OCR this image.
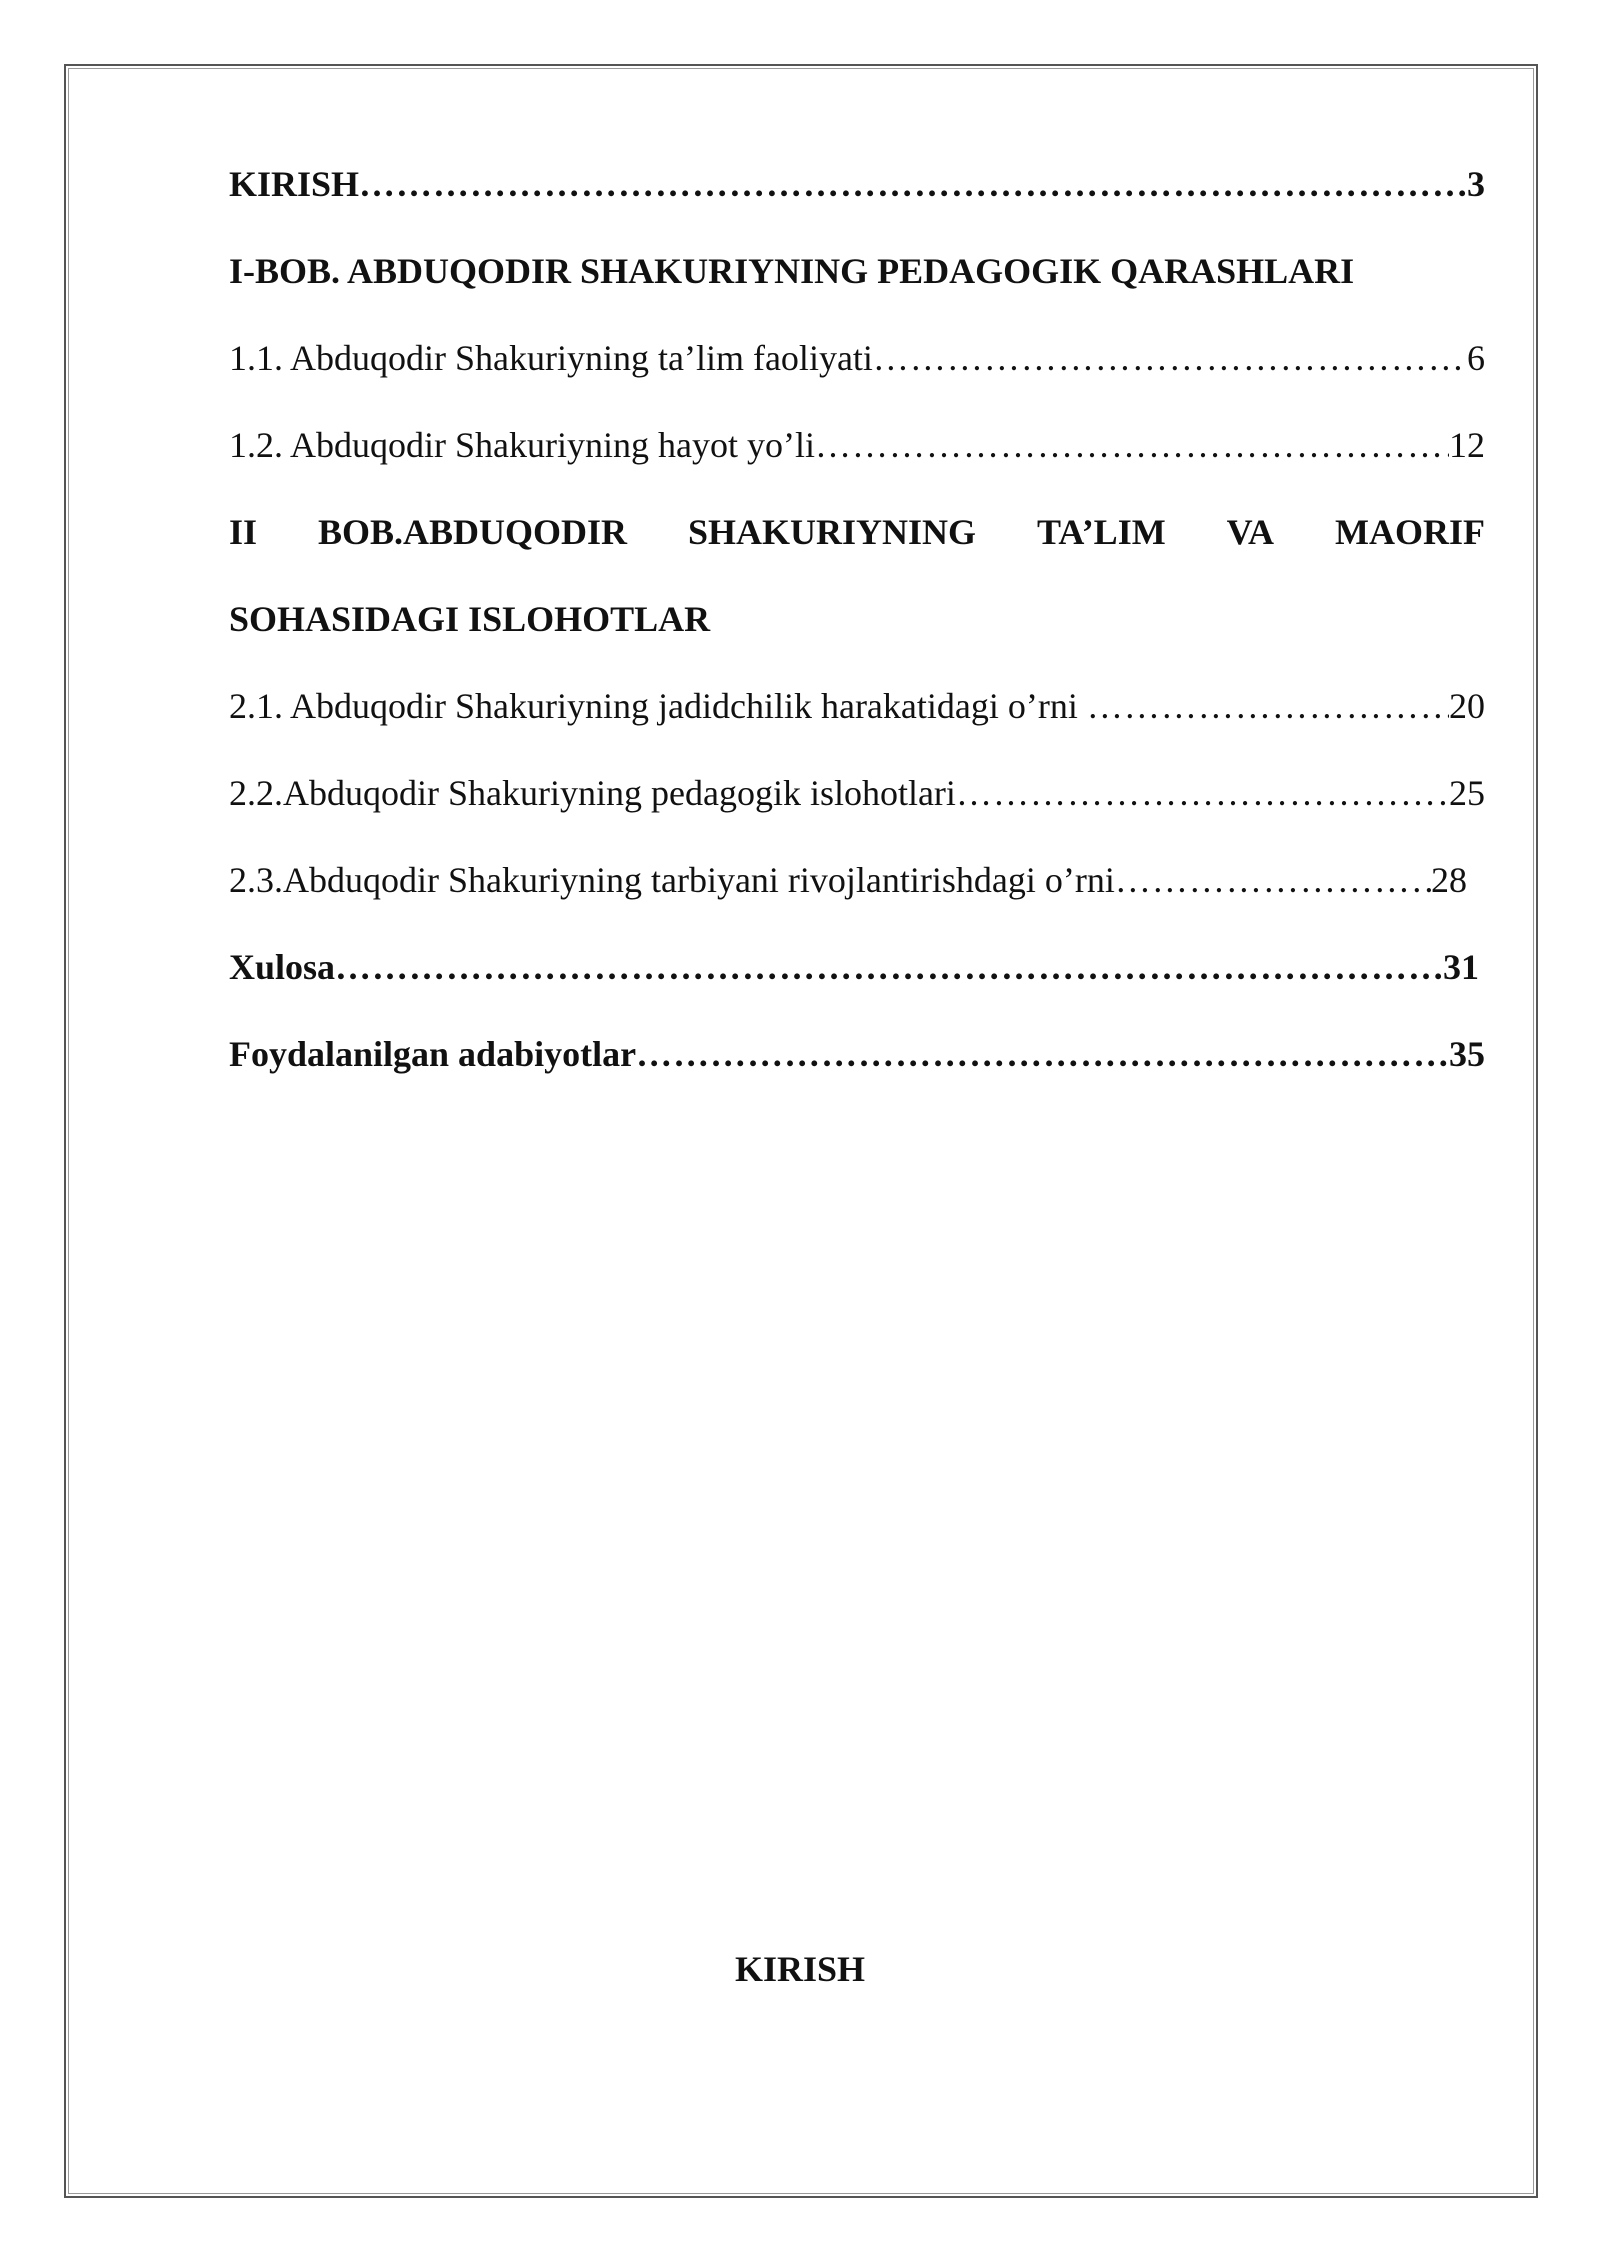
KIRISH ……………………………………………………………………………………………………………………………………………………………………………………………………	3
I-BOB. ABDUQODIR SHAKURIYNING PEDAGOGIK QARASHLARI
1.1. Abduqodir Shakuriyning ta’lim faoliyati ……………………………………………………………………………………………………………………………………………………………………………………………………	6
1.2. Abduqodir Shakuriyning hayot yo’li ……………………………………………………………………………………………………………………………………………………………………………………………………	12
II BOB.ABDUQODIR SHAKURIYNING TA’LIM VA MAORIF
SOHASIDAGI ISLOHOTLAR
2.1. Abduqodir Shakuriyning jadidchilik harakatidagi o’rni ……………………………………………………………………………………………………………………………………………………………………………………………………	20
2.2.Abduqodir Shakuriyning pedagogik islohotlari ……………………………………………………………………………………………………………………………………………………………………………………………………	25
2.3.Abduqodir Shakuriyning tarbiyani rivojlantirishdagi o’rni ……………………………………………………………………………………………………………………………………………………………………………………………………	28
Xulosa ……………………………………………………………………………………………………………………………………………………………………………………………………	31
Foydalanilgan adabiyotlar ……………………………………………………………………………………………………………………………………………………………………………………………………	35
KIRISH
